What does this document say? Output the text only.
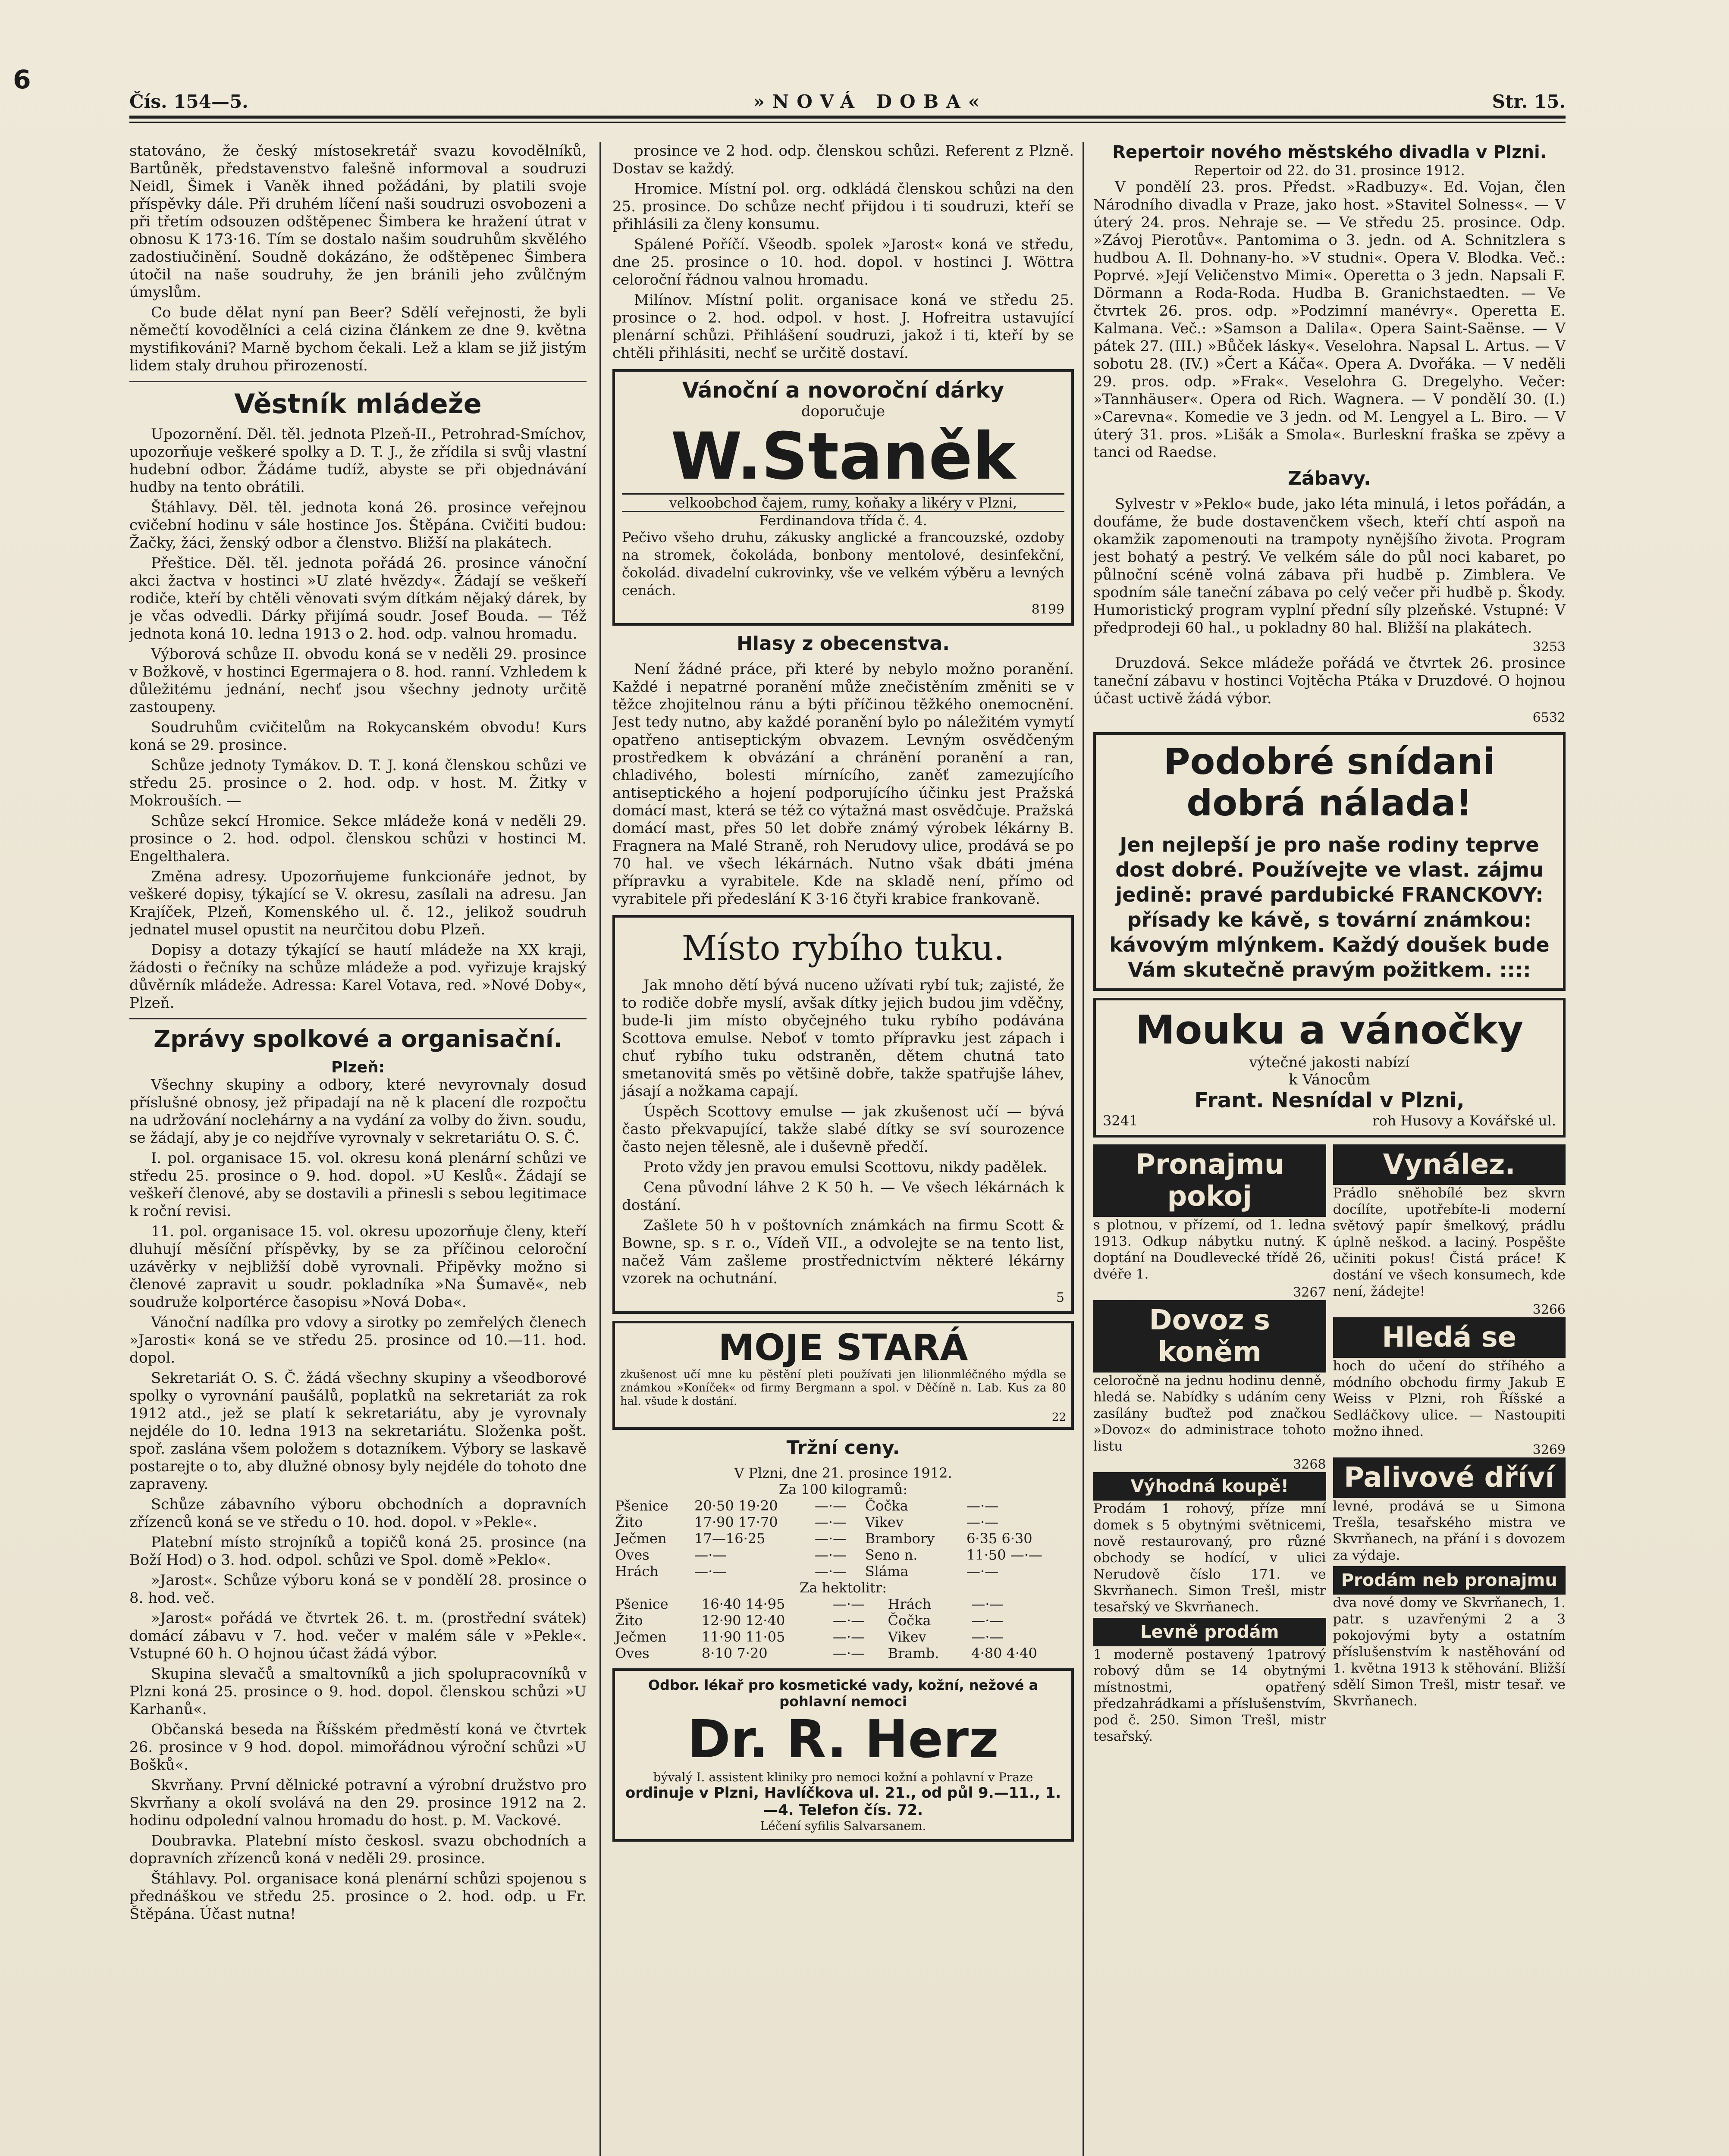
6
Čís. 154—5.	»NOVÁ DOBA«	Str. 15.

statováno, že český místosekretář svazu kovodělníků, Bartůněk, představenstvo falešně informoval a soudruzi Neidl, Šimek i Vaněk ihned požádáni, by platili svoje příspěvky dále. Při druhém líčení naši soudruzi osvobozeni a při třetím odsouzen odštěpenec Šimbera ke hražení útrat v obnosu K 173·16. Tím se dostalo našim soudruhům skvělého zadostiučinění. Soudně dokázáno, že odštěpenec Šimbera útočil na naše soudruhy, že jen bránili jeho zvůlčným úmyslům.

Co bude dělat nyní pan Beer? Sdělí veřejnosti, že byli němečtí kovodělníci a celá cizina článkem ze dne 9. května mystifikováni? Marně bychom čekali. Lež a klam se již jistým lidem staly druhou přirozeností.

Věstník mládeže

Upozornění. Děl. těl. jednota Plzeň-II., Petrohrad-Smíchov, upozorňuje veškeré spolky a D. T. J., že zřídila si svůj vlastní hudební odbor. Žádáme tudíž, abyste se při objednávání hudby na tento obrátili.

Štáhlavy. Děl. těl. jednota koná 26. prosince veřejnou cvičební hodinu v sále hostince Jos. Štěpána. Cvičiti budou: Žačky, žáci, ženský odbor a členstvo. Bližší na plakátech.

Přeštice. Děl. těl. jednota pořádá 26. prosince vánoční akci žactva v hostinci »U zlaté hvězdy«. Žádají se veškeří rodiče, kteří by chtěli věnovati svým dítkám nějaký dárek, by je včas odvedli. Dárky přijímá soudr. Josef Bouda. — Též jednota koná 10. ledna 1913 o 2. hod. odp. valnou hromadu.

Výborová schůze II. obvodu koná se v neděli 29. prosince v Božkově, v hostinci Egermajera o 8. hod. ranní. Vzhledem k důležitému jednání, nechť jsou všechny jednoty určitě zastoupeny.

Soudruhům cvičitelům na Rokycanském obvodu! Kurs koná se 29. prosince.

Schůze jednoty Tymákov. D. T. J. koná členskou schůzi ve středu 25. prosince o 2. hod. odp. v host. M. Žitky v Mokrouších. —

Schůze sekcí Hromice. Sekce mládeže koná v neděli 29. prosince o 2. hod. odpol. členskou schůzi v hostinci M. Engelthalera.

Změna adresy. Upozorňujeme funkcionáře jednot, by veškeré dopisy, týkající se V. okresu, zasílali na adresu. Jan Krajíček, Plzeň, Komenského ul. č. 12., jelikož soudruh jednatel musel opustit na neurčitou dobu Plzeň.

Dopisy a dotazy týkající se hautí mládeže na XX kraji, žádosti o řečníky na schůze mládeže a pod. vyřizuje krajský důvěrník mládeže. Adressa: Karel Votava, red. »Nové Doby«, Plzeň.

Zprávy spolkové a organisační.
Plzeň:

Všechny skupiny a odbory, které nevyrovnaly dosud příslušné obnosy, jež připadají na ně k placení dle rozpočtu na udržování noclehárny a na vydání za volby do živn. soudu, se žádají, aby je co nejdříve vyrovnaly v sekretariátu O. S. Č.

I. pol. organisace 15. vol. okresu koná plenární schůzi ve středu 25. prosince o 9. hod. dopol. »U Keslů«. Žádají se veškeří členové, aby se dostavili a přinesli s sebou legitimace k roční revisi.

11. pol. organisace 15. vol. okresu upozorňuje členy, kteří dluhují měsíční příspěvky, by se za příčinou celoroční uzávěrky v nejbližší době vyrovnali. Připěvky možno si členové zapravit u soudr. pokladníka »Na Šumavě«, neb soudruže kolportérce časopisu »Nová Doba«.

Vánoční nadílka pro vdovy a sirotky po zemřelých členech »Jarosti« koná se ve středu 25. prosince od 10.—11. hod. dopol.

Sekretariát O. S. Č. žádá všechny skupiny a všeodborové spolky o vyrovnání paušálů, poplatků na sekretariát za rok 1912 atd., jež se platí k sekretariátu, aby je vyrovnaly nejdéle do 10. ledna 1913 na sekretariátu. Složenka pošt. spoř. zaslána všem položem s dotazníkem. Výbory se laskavě postarejte o to, aby dlužné obnosy byly nejdéle do tohoto dne zapraveny.

Schůze zábavního výboru obchodních a dopravních zřízenců koná se ve středu o 10. hod. dopol. v »Pekle«.

Platební místo strojníků a topičů koná 25. prosince (na Boží Hod) o 3. hod. odpol. schůzi ve Spol. domě »Peklo«.

»Jarost«. Schůze výboru koná se v pondělí 28. prosince o 8. hod. več.

»Jarost« pořádá ve čtvrtek 26. t. m. (prostřední svátek) domácí zábavu v 7. hod. večer v malém sále v »Pekle«. Vstupné 60 h. O hojnou účast žádá výbor.

Skupina slevačů a smaltovníků a jich spolupracovníků v Plzni koná 25. prosince o 9. hod. dopol. členskou schůzi »U Karhanů«.

Občanská beseda na Říšském předměstí koná ve čtvrtek 26. prosince v 9 hod. dopol. mimořádnou výroční schůzi »U Bošků«.

Skvrňany. První dělnické potravní a výrobní družstvo pro Skvrňany a okolí svolává na den 29. prosince 1912 na 2. hodinu odpolední valnou hromadu do host. p. M. Vackové.

Doubravka. Platební místo českosl. svazu obchodních a dopravních zřízenců koná v neděli 29. prosince.

Štáhlavy. Pol. organisace koná plenární schůzi spojenou s přednáškou ve středu 25. prosince o 2. hod. odp. u Fr. Štěpána. Účast nutna!

prosince ve 2 hod. odp. členskou schůzi. Referent z Plzně. Dostav se každý.

Hromice. Místní pol. org. odkládá členskou schůzi na den 25. prosince. Do schůze nechť přijdou i ti soudruzi, kteří se přihlásili za členy konsumu.

Spálené Poříčí. Všeodb. spolek »Jarost« koná ve středu, dne 25. prosince o 10. hod. dopol. v hostinci J. Wöttra celoroční řádnou valnou hromadu.

Milínov. Místní polit. organisace koná ve středu 25. prosince o 2. hod. odpol. v host. J. Hofreitra ustavující plenární schůzi. Přihlášení soudruzi, jakož i ti, kteří by se chtěli přihlásiti, nechť se určitě dostaví.

Vánoční a novoroční dárky
doporučuje
W.Staněk
velkoobchod čajem, rumy, koňaky a likéry v Plzni,
Ferdinandova třída č. 4.

Pečivo všeho druhu, zákusky anglické a francouzské, ozdoby na stromek, čokoláda, bonbony mentolové, desinfekční, čokolád. divadelní cukrovinky, vše ve velkém výběru a levných cenách.

8199
Hlasy z obecenstva.

Není žádné práce, při které by nebylo možno poranění. Každé i nepatrné poranění může znečistěním změniti se v těžce zhojitelnou ránu a býti příčinou těžkého onemocnění. Jest tedy nutno, aby každé poranění bylo po náležitém vymytí opatřeno antiseptickým obvazem. Levným osvědčeným prostředkem k obvázání a chránění poranění a ran, chladivého, bolesti mírnícího, zaněť zamezujícího antiseptického a hojení podporujícího účinku jest Pražská domácí mast, která se též co výtažná mast osvědčuje. Pražská domácí mast, přes 50 let dobře známý výrobek lékárny B. Fragnera na Malé Straně, roh Nerudovy ulice, prodává se po 70 hal. ve všech lékárnách. Nutno však dbáti jména přípravku a vyrabitele. Kde na skladě není, přímo od vyrabitele při předeslání K 3·16 čtyři krabice frankovaně.

Místo rybího tuku.

Jak mnoho dětí bývá nuceno užívati rybí tuk; zajisté, že to rodiče dobře myslí, avšak dítky jejich budou jim vděčny, bude-li jim místo obyčejného tuku rybího podávána Scottova emulse. Neboť v tomto přípravku jest zápach i chuť rybího tuku odstraněn, dětem chutná tato smetanovitá směs po většině dobře, takže spatřujše láhev, jásají a nožkama capají.

Úspěch Scottovy emulse — jak zkušenost učí — bývá často překvapující, takže slabé dítky se sví sourozence často nejen tělesně, ale i duševně předčí.

Proto vždy jen pravou emulsi Scottovu, nikdy padělek.

Cena původní láhve 2 K 50 h. — Ve všech lékárnách k dostání.

Zašlete 50 h v poštovních známkách na firmu Scott & Bowne, sp. s r. o., Vídeň VII., a odvolejte se na tento list, načež Vám zašleme prostřednictvím některé lékárny vzorek na ochutnání.

5
MOJE STARÁ

zkušenost učí mne ku pěstění pleti používati jen lilionmléčného mýdla se známkou »Koníček« od firmy Bergmann a spol. v Děčíně n. Lab. Kus za 80 hal. všude k dostání.

22
Tržní ceny.
V Plzni, dne 21. prosince 1912.
Za 100 kilogramů:
Pšenice	20·50 19·20	—·—	Čočka	—·—
Žito	17·90 17·70	—·—	Vikev	—·—
Ječmen	17—16·25	—·—	Brambory	6·35 6·30
Oves	—·—	—·—	Seno n.	11·50 —·—
Hrách	—·—	—·—	Sláma	—·—
Za hektolitr:
Pšenice	16·40 14·95	—·—	Hrách	—·—
Žito	12·90 12·40	—·—	Čočka	—·—
Ječmen	11·90 11·05	—·—	Vikev	—·—
Oves	8·10 7·20	—·—	Bramb.	4·80 4·40
Odbor. lékař pro kosmetické vady, kožní, nežové a pohlavní nemoci
Dr. R. Herz
bývalý I. assistent kliniky pro nemoci kožní a pohlavní v Praze
ordinuje v Plzni, Havlíčkova ul. 21., od půl 9.—11., 1.—4. Telefon čís. 72.
Léčení syfilis Salvarsanem.
Repertoir nového městského divadla v Plzni.
Repertoir od 22. do 31. prosince 1912.

V pondělí 23. pros. Předst. »Radbuzy«. Ed. Vojan, člen Národního divadla v Praze, jako host. »Stavitel Solness«. — V úterý 24. pros. Nehraje se. — Ve středu 25. prosince. Odp. »Závoj Pierotův«. Pantomima o 3. jedn. od A. Schnitzlera s hudbou A. Il. Dohnany-ho. »V studni«. Opera V. Blodka. Več.: Poprvé. »Její Veličenstvo Mimi«. Operetta o 3 jedn. Napsali F. Dörmann a Roda-Roda. Hudba B. Granichstaedten. — Ve čtvrtek 26. pros. odp. »Podzimní manévry«. Operetta E. Kalmana. Več.: »Samson a Dalila«. Opera Saint-Saënse. — V pátek 27. (III.) »Bůček lásky«. Veselohra. Napsal L. Artus. — V sobotu 28. (IV.) »Čert a Káča«. Opera A. Dvořáka. — V neděli 29. pros. odp. »Frak«. Veselohra G. Dregelyho. Večer: »Tannhäuser«. Opera od Rich. Wagnera. — V pondělí 30. (I.) »Carevna«. Komedie ve 3 jedn. od M. Lengyel a L. Biro. — V úterý 31. pros. »Lišák a Smola«. Burleskní fraška se zpěvy a tanci od Raedse.

Zábavy.

Sylvestr v »Peklo« bude, jako léta minulá, i letos pořádán, a doufáme, že bude dostavenčkem všech, kteří chtí aspoň na okamžik zapomenouti na trampoty nynějšího života. Program jest bohatý a pestrý. Ve velkém sále do půl noci kabaret, po půlnoční scéně volná zábava při hudbě p. Zimblera. Ve spodním sále taneční zábava po celý večer při hudbě p. Škody. Humoristický program vyplní přední síly plzeňské. Vstupné: V předprodeji 60 hal., u pokladny 80 hal. Bližší na plakátech.

3253

Druzdová. Sekce mládeže pořádá ve čtvrtek 26. prosince taneční zábavu v hostinci Vojtěcha Ptáka v Druzdové. O hojnou účast uctivě žádá výbor.

6532
Podobré snídani dobrá nálada!
Jen nejlepší je pro naše rodiny teprve dost dobré. Používejte ve vlast. zájmu jedině: pravé pardubické FRANCKOVY: přísady ke kávě, s tovární známkou: kávovým mlýnkem. Každý doušek bude Vám skutečně pravým požitkem. ::::
Mouku a vánočky
výtečné jakosti nabízí
k Vánocům
Frant. Nesnídal v Plzni,
3241	roh Husovy a Kovářské ul.
Pronajmu pokoj

s plotnou, v přízemí, od 1. ledna 1913. Odkup nábytku nutný. K doptání na Doudlevecké třídě 26, dvéře 1.

3267
Dovoz s koněm

celoročně na jednu hodinu denně, hledá se. Nabídky s udáním ceny zasílány buďtež pod značkou »Dovoz« do administrace tohoto listu

3268
Výhodná koupě!

Prodám 1 rohový, příze mní domek s 5 obytnými světnicemi, nově restaurovaný, pro různé obchody se hodící, v ulici Nerudově číslo 171. ve Skvrňanech. Simon Trešl, mistr tesařský ve Skvrňanech.

Levně prodám

1 moderně postavený 1patrový robový dům se 14 obytnými místnostmi, opatřený předzahrádkami a příslušenstvím, pod č. 250. Simon Trešl, mistr tesařský.

Vynález.

Prádlo sněhobílé bez skvrn docílíte, upotřebíte-li moderní světový papír šmelkový, prádlu úplně neškod. a laciný. Pospěšte učiniti pokus! Čistá práce! K dostání ve všech konsumech, kde není, žádejte!

3266
Hledá se

hoch do učení do stříhého a módního obchodu firmy Jakub E Weiss v Plzni, roh Říšské a Sedláčkovy ulice. — Nastoupiti možno ihned.

3269
Palivové dříví

levné, prodává se u Simona Trešla, tesařského mistra ve Skvrňanech, na přání i s dovozem za výdaje.

Prodám neb pronajmu

dva nové domy ve Skvrňanech, 1. patr. s uzavřenými 2 a 3 pokojovými byty a ostatním příslušenstvím k nastěhování od 1. května 1913 k stěhování. Bližší sdělí Simon Trešl, mistr tesař. ve Skvrňanech.
